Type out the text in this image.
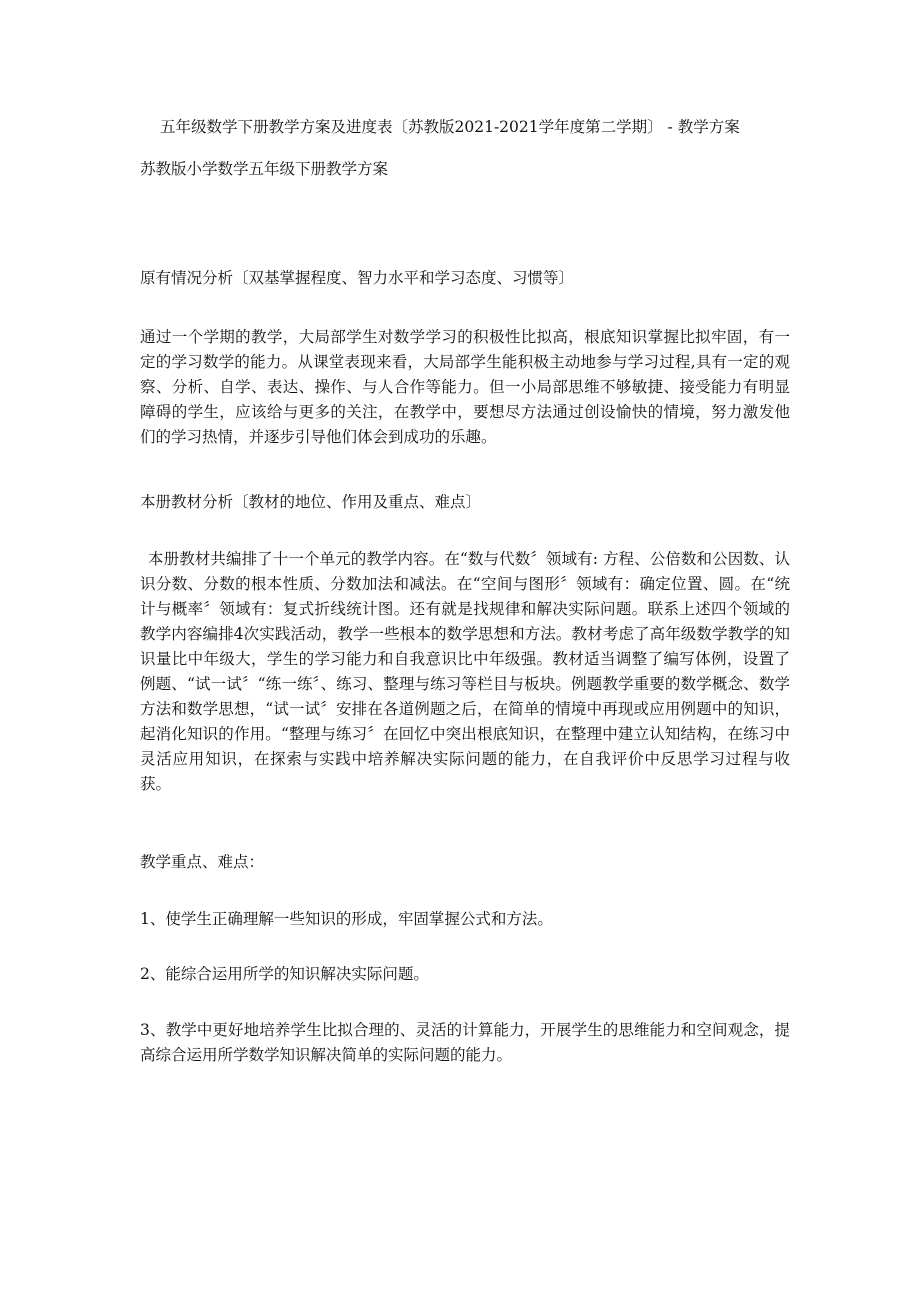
五年级数学下册教学方案及进度表〔苏教版2021-2021学年度第二学期〕 - 教学方案
苏教版小学数学五年级下册教学方案

原有情况分析〔双基掌握程度、智力水平和学习态度、习惯等〕

通过一个学期的教学，大局部学生对数学学习的积极性比拟高，根底知识掌握比拟牢固，有一定的学习数学的能力。从课堂表现来看，大局部学生能积极主动地参与学习过程,具有一定的观察、分析、自学、表达、操作、与人合作等能力。但一小局部思维不够敏捷、接受能力有明显障碍的学生，应该给与更多的关注，在教学中，要想尽方法通过创设愉快的情境，努力激发他们的学习热情，并逐步引导他们体会到成功的乐趣。

本册教材分析〔教材的地位、作用及重点、难点〕

本册教材共编排了十一个单元的教学内容。在“数与代数〞领域有: 方程、公倍数和公因数、认识分数、分数的根本性质、分数加法和减法。在“空间与图形〞领域有：确定位置、圆。在“统计与概率〞领域有：复式折线统计图。还有就是找规律和解决实际问题。联系上述四个领域的教学内容编排4次实践活动，教学一些根本的数学思想和方法。教材考虑了高年级数学教学的知识量比中年级大，学生的学习能力和自我意识比中年级强。教材适当调整了编写体例，设置了例题、“试一试〞“练一练〞、练习、整理与练习等栏目与板块。例题教学重要的数学概念、数学方法和数学思想，“试一试〞安排在各道例题之后，在简单的情境中再现或应用例题中的知识，起消化知识的作用。“整理与练习〞在回忆中突出根底知识，在整理中建立认知结构，在练习中灵活应用知识，在探索与实践中培养解决实际问题的能力，在自我评价中反思学习过程与收获。

教学重点、难点：

1、使学生正确理解一些知识的形成，牢固掌握公式和方法。

2、能综合运用所学的知识解决实际问题。

3、教学中更好地培养学生比拟合理的、灵活的计算能力，开展学生的思维能力和空间观念，提高综合运用所学数学知识解决简单的实际问题的能力。
